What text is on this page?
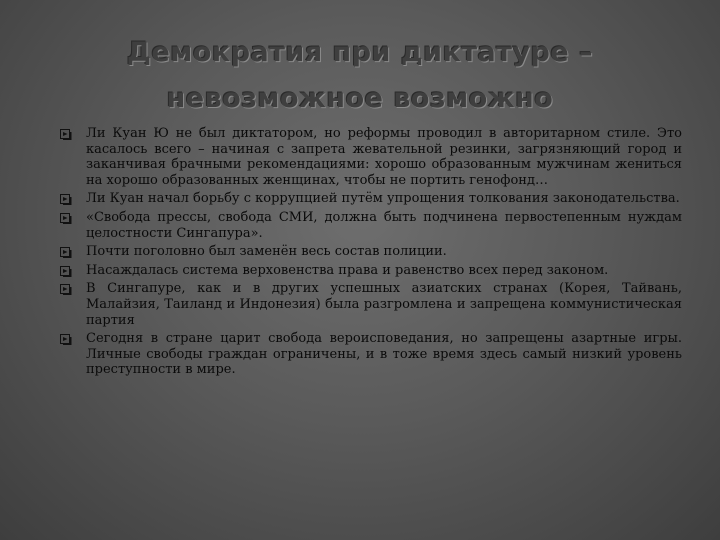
Демократия при диктатуре – невозможное возможно
Ли Куан Ю не был диктатором, но реформы проводил в авторитарном стиле. Это касалось всего – начиная с запрета жевательной резинки, загрязняющий город и заканчивая брачными рекомендациями: хорошо образованным мужчинам жениться на хорошо образованных женщинах, чтобы не портить генофонд…
Ли Куан начал борьбу с коррупцией путём упрощения толкования законодательства.
«Свобода прессы, свобода СМИ, должна быть подчинена первостепенным нуждам целостности Сингапура».
Почти поголовно был заменён весь состав полиции.
Насаждалась система верховенства права и равенство всех перед законом.
В Сингапуре, как и в других успешных азиатских странах (Корея, Тайвань, Малайзия, Таиланд и Индонезия) была разгромлена и запрещена коммунистическая партия
Сегодня в стране царит свобода вероисповедания, но запрещены азартные игры. Личные свободы граждан ограничены, и в тоже время здесь самый низкий уровень преступности в мире.
